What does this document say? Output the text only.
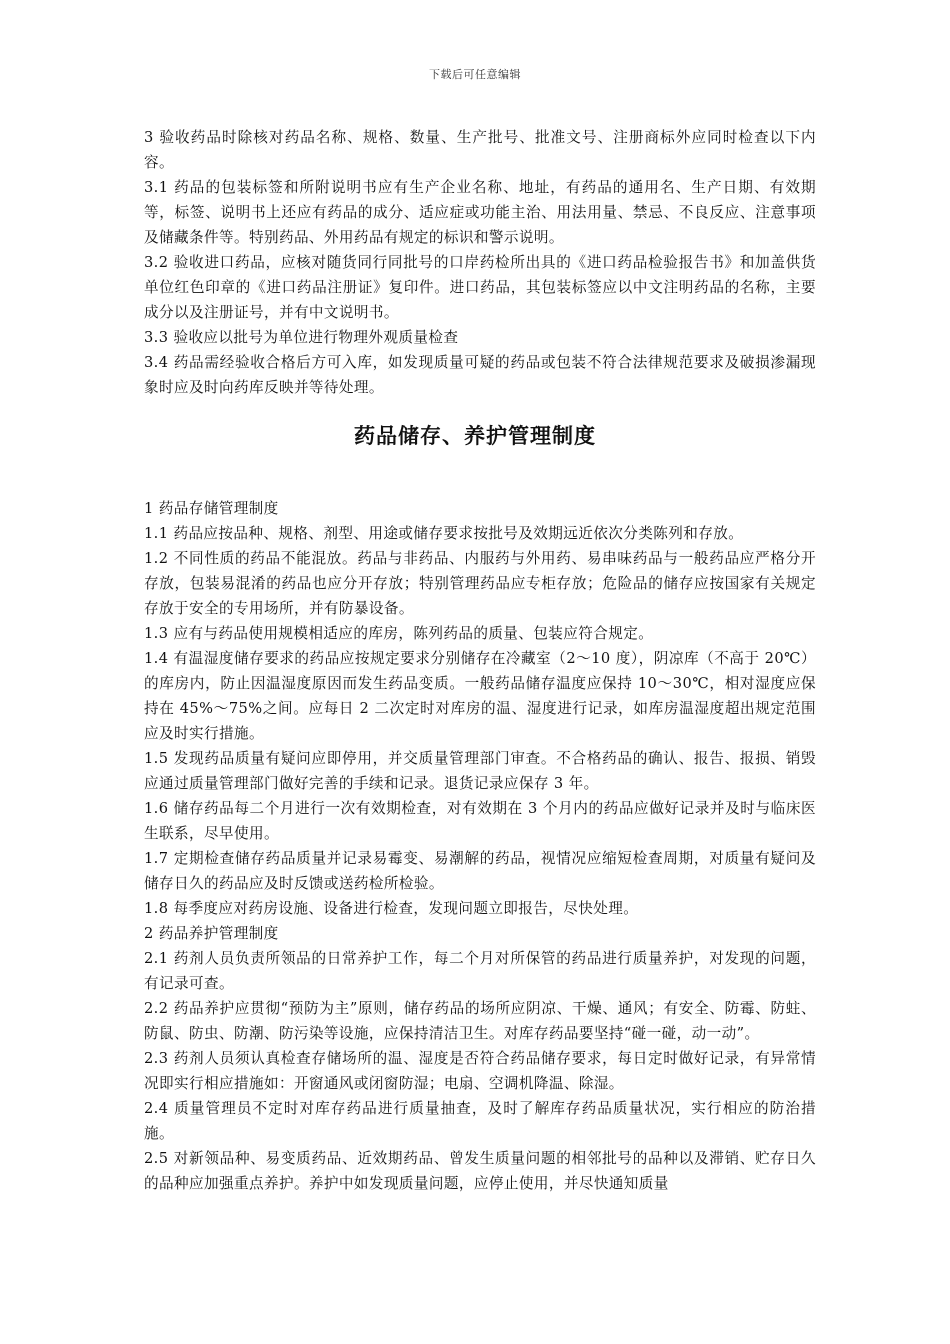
下载后可任意编辑

3 验收药品时除核对药品名称、规格、数量、生产批号、批准文号、注册商标外应同时检查以下内容。

3.1 药品的包装标签和所附说明书应有生产企业名称、地址，有药品的通用名、生产日期、有效期等，标签、说明书上还应有药品的成分、适应症或功能主治、用法用量、禁忌、不良反应、注意事项及储藏条件等。特别药品、外用药品有规定的标识和警示说明。

3.2 验收进口药品，应核对随货同行同批号的口岸药检所出具的《进口药品检验报告书》和加盖供货单位红色印章的《进口药品注册证》复印件。进口药品，其包装标签应以中文注明药品的名称，主要成分以及注册证号，并有中文说明书。

3.3 验收应以批号为单位进行物理外观质量检查

3.4 药品需经验收合格后方可入库，如发现质量可疑的药品或包装不符合法律规范要求及破损渗漏现象时应及时向药库反映并等待处理。

药品储存、养护管理制度

1 药品存储管理制度

1.1 药品应按品种、规格、剂型、用途或储存要求按批号及效期远近依次分类陈列和存放。

1.2 不同性质的药品不能混放。药品与非药品、内服药与外用药、易串味药品与一般药品应严格分开存放，包装易混淆的药品也应分开存放；特别管理药品应专柜存放；危险品的储存应按国家有关规定存放于安全的专用场所，并有防暴设备。

1.3 应有与药品使用规模相适应的库房，陈列药品的质量、包装应符合规定。

1.4 有温湿度储存要求的药品应按规定要求分别储存在冷藏室（2～10 度），阴凉库（不高于 20℃）的库房内，防止因温湿度原因而发生药品变质。一般药品储存温度应保持 10～30℃，相对湿度应保持在 45%～75%之间。应每日 2 二次定时对库房的温、湿度进行记录，如库房温湿度超出规定范围应及时实行措施。

1.5 发现药品质量有疑问应即停用，并交质量管理部门审查。不合格药品的确认、报告、报损、销毁应通过质量管理部门做好完善的手续和记录。退货记录应保存 3 年。

1.6 储存药品每二个月进行一次有效期检查，对有效期在 3 个月内的药品应做好记录并及时与临床医生联系，尽早使用。

1.7 定期检查储存药品质量并记录易霉变、易潮解的药品，视情况应缩短检查周期，对质量有疑问及储存日久的药品应及时反馈或送药检所检验。

1.8 每季度应对药房设施、设备进行检查，发现问题立即报告，尽快处理。

2 药品养护管理制度

2.1 药剂人员负责所领品的日常养护工作，每二个月对所保管的药品进行质量养护，对发现的问题，有记录可查。

2.2 药品养护应贯彻“预防为主”原则，储存药品的场所应阴凉、干燥、通风；有安全、防霉、防蛀、防鼠、防虫、防潮、防污染等设施，应保持清洁卫生。对库存药品要坚持“碰一碰，动一动”。

2.3 药剂人员须认真检查存储场所的温、湿度是否符合药品储存要求，每日定时做好记录，有异常情况即实行相应措施如：开窗通风或闭窗防湿；电扇、空调机降温、除湿。

2.4 质量管理员不定时对库存药品进行质量抽查，及时了解库存药品质量状况，实行相应的防治措施。

2.5 对新领品种、易变质药品、近效期药品、曾发生质量问题的相邻批号的品种以及滞销、贮存日久的品种应加强重点养护。养护中如发现质量问题，应停止使用，并尽快通知质量
